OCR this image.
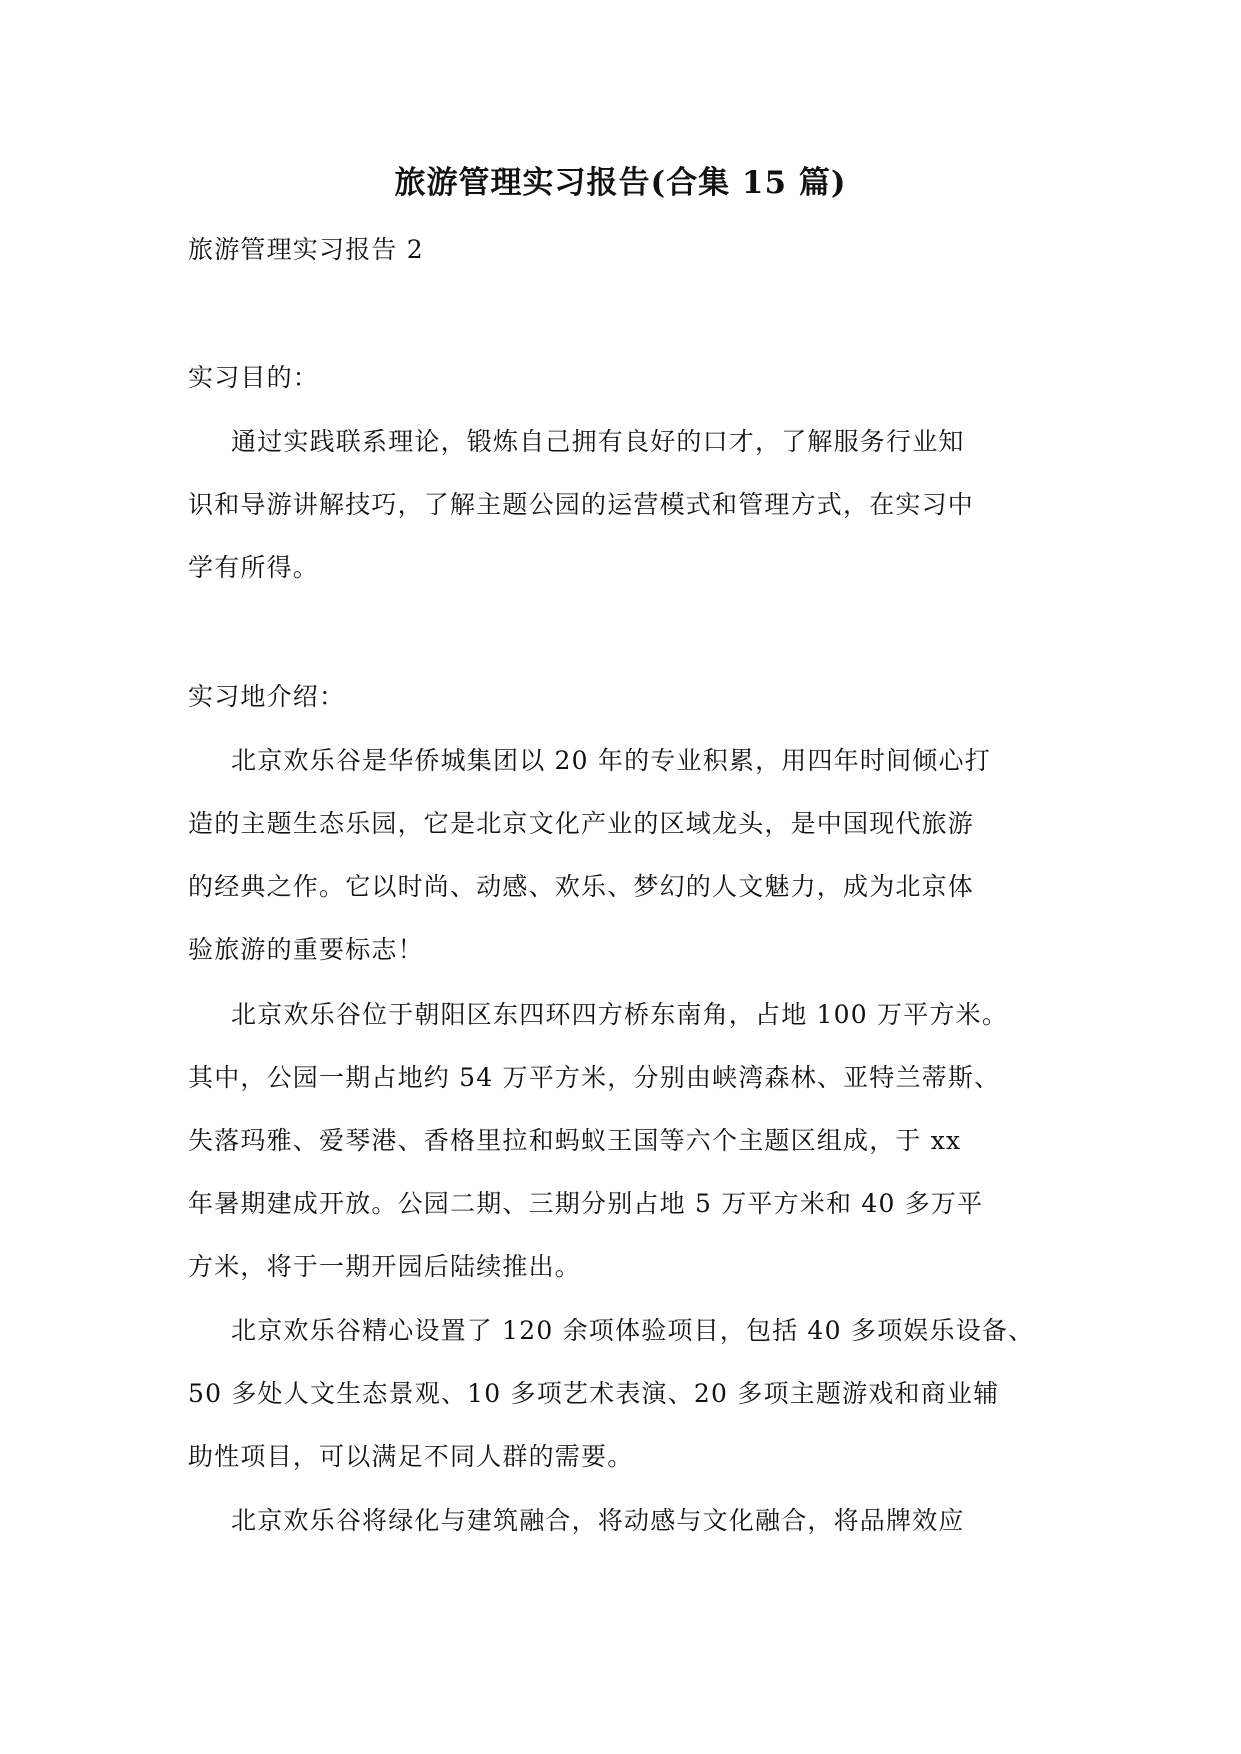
旅游管理实习报告(合集 15 篇)
旅游管理实习报告 2
实习目的：
通过实践联系理论，锻炼自己拥有良好的口才，了解服务行业知
识和导游讲解技巧，了解主题公园的运营模式和管理方式，在实习中
学有所得。
实习地介绍：
北京欢乐谷是华侨城集团以 20 年的专业积累，用四年时间倾心打
造的主题生态乐园，它是北京文化产业的区域龙头，是中国现代旅游
的经典之作。它以时尚、动感、欢乐、梦幻的人文魅力，成为北京体
验旅游的重要标志！
北京欢乐谷位于朝阳区东四环四方桥东南角，占地 100 万平方米。
其中，公园一期占地约 54 万平方米，分别由峡湾森林、亚特兰蒂斯、
失落玛雅、爱琴港、香格里拉和蚂蚁王国等六个主题区组成，于 xx
年暑期建成开放。公园二期、三期分别占地 5 万平方米和 40 多万平
方米，将于一期开园后陆续推出。
北京欢乐谷精心设置了 120 余项体验项目，包括 40 多项娱乐设备、
50 多处人文生态景观、10 多项艺术表演、20 多项主题游戏和商业辅
助性项目，可以满足不同人群的需要。
北京欢乐谷将绿化与建筑融合，将动感与文化融合，将品牌效应
